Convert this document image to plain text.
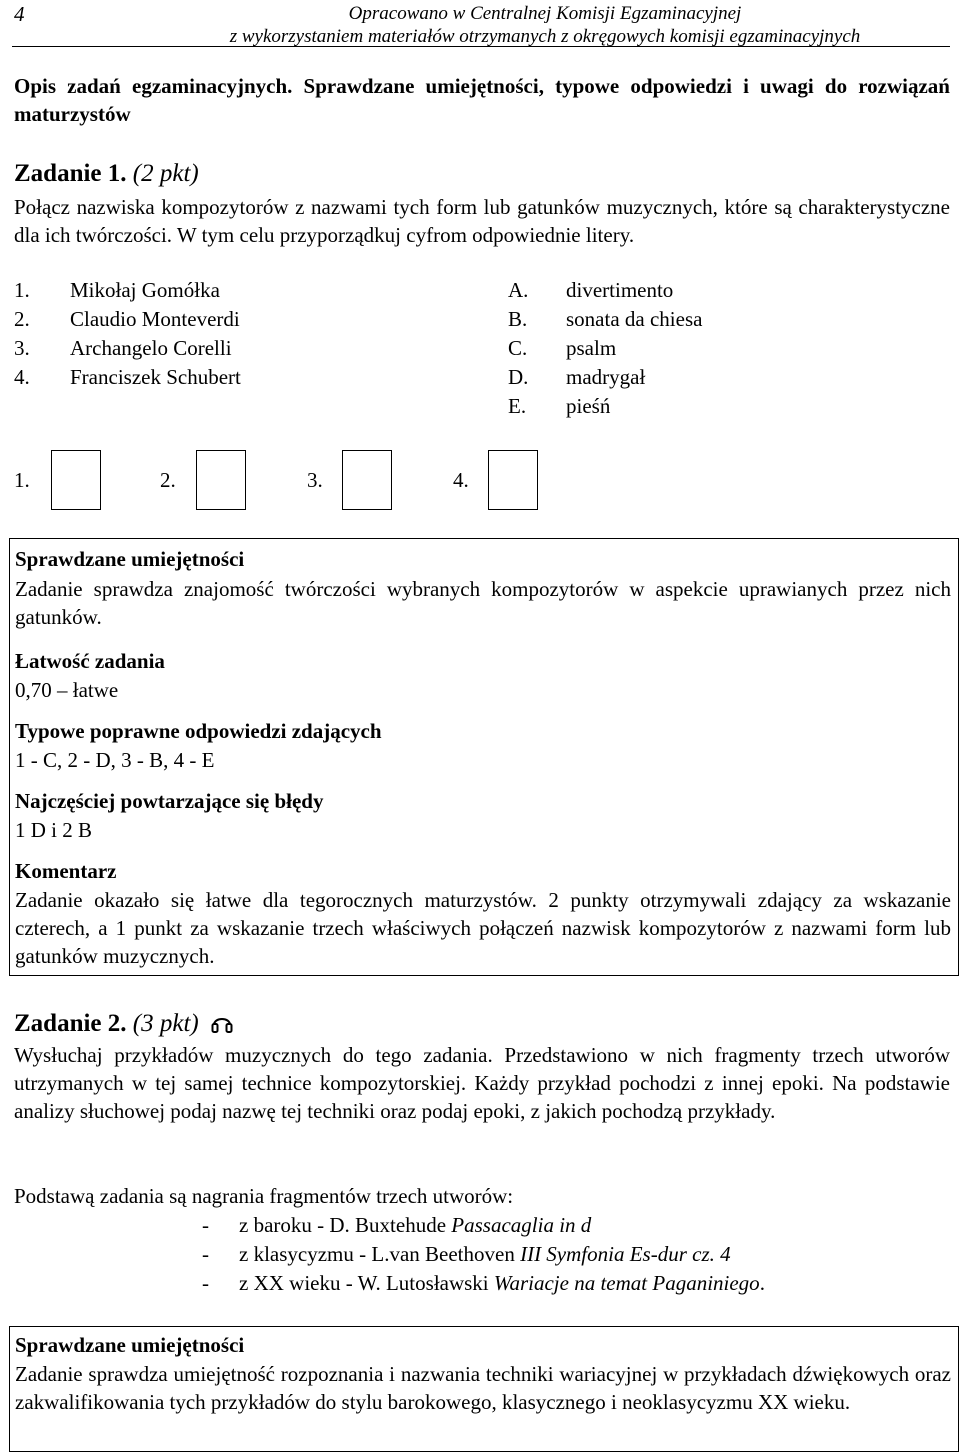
4	Opracowano w Centralnej Komisji Egzaminacyjnej
z wykorzystaniem materiałów otrzymanych z okręgowych komisji egzaminacyjnych
Opis zadań egzaminacyjnych. Sprawdzane umiejętności, typowe odpowiedzi i uwagi do rozwiązań maturzystów
Zadanie 1. (2 pkt)
Połącz nazwiska kompozytorów z nazwami tych form lub gatunków muzycznych, które są charakterystyczne dla ich twórczości. W tym celu przyporządkuj cyfrom odpowiednie litery.
1. Mikołaj Gomółka
2. Claudio Monteverdi
3. Archangelo Corelli
4. Franciszek Schubert
A. divertimento
B. sonata da chiesa
C. psalm
D. madrygał
E. pieśń
1.	2.	3.	4.
Sprawdzane umiejętności
Zadanie sprawdza znajomość twórczości wybranych kompozytorów w aspekcie uprawianych przez nich gatunków.
Łatwość zadania
0,70 – łatwe
Typowe poprawne odpowiedzi zdających
1 - C, 2 - D, 3 - B, 4 - E
Najczęściej powtarzające się błędy
1 D i 2 B
Komentarz
Zadanie okazało się łatwe dla tegorocznych maturzystów. 2 punkty otrzymywali zdający za wskazanie czterech, a 1 punkt za wskazanie trzech właściwych połączeń nazwisk kompozytorów z nazwami form lub gatunków muzycznych.
Zadanie 2. (3 pkt)
Wysłuchaj przykładów muzycznych do tego zadania. Przedstawiono w nich fragmenty trzech utworów utrzymanych w tej samej technice kompozytorskiej. Każdy przykład pochodzi z innej epoki. Na podstawie analizy słuchowej podaj nazwę tej techniki oraz podaj epoki, z jakich pochodzą przykłady.
Podstawą zadania są nagrania fragmentów trzech utworów:
- z baroku - D. Buxtehude Passacaglia in d
- z klasycyzmu - L.van Beethoven III Symfonia Es-dur cz. 4
- z XX wieku - W. Lutosławski Wariacje na temat Paganiniego.
Sprawdzane umiejętności
Zadanie sprawdza umiejętność rozpoznania i nazwania techniki wariacyjnej w przykładach dźwiękowych oraz zakwalifikowania tych przykładów do stylu barokowego, klasycznego i neoklasycyzmu XX wieku.
